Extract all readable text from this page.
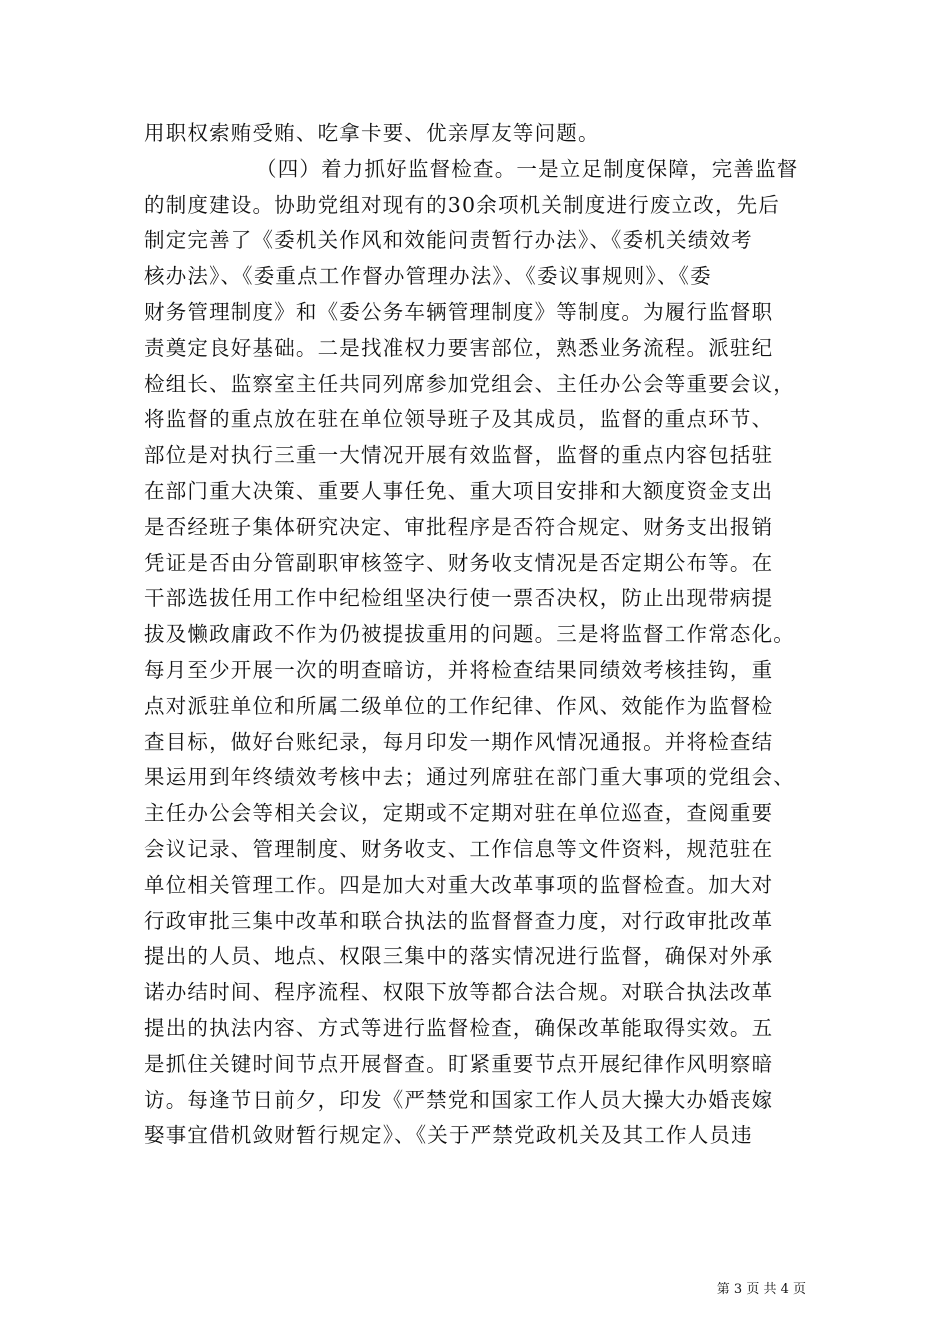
用职权索贿受贿、吃拿卡要、优亲厚友等问题。
（四）着力抓好监督检查。一是立足制度保障，完善监督
的制度建设。协助党组对现有的30余项机关制度进行废立改，先后
制定完善了《委机关作风和效能问责暂行办法》、《委机关绩效考
核办法》、《委重点工作督办管理办法》、《委议事规则》、《委
财务管理制度》和《委公务车辆管理制度》等制度。为履行监督职
责奠定良好基础。二是找准权力要害部位，熟悉业务流程。派驻纪
检组长、监察室主任共同列席参加党组会、主任办公会等重要会议，
将监督的重点放在驻在单位领导班子及其成员，监督的重点环节、
部位是对执行三重一大情况开展有效监督，监督的重点内容包括驻
在部门重大决策、重要人事任免、重大项目安排和大额度资金支出
是否经班子集体研究决定、审批程序是否符合规定、财务支出报销
凭证是否由分管副职审核签字、财务收支情况是否定期公布等。在
干部选拔任用工作中纪检组坚决行使一票否决权，防止出现带病提
拔及懒政庸政不作为仍被提拔重用的问题。三是将监督工作常态化。
每月至少开展一次的明查暗访，并将检查结果同绩效考核挂钩，重
点对派驻单位和所属二级单位的工作纪律、作风、效能作为监督检
查目标，做好台账纪录，每月印发一期作风情况通报。并将检查结
果运用到年终绩效考核中去；通过列席驻在部门重大事项的党组会、
主任办公会等相关会议，定期或不定期对驻在单位巡查，查阅重要
会议记录、管理制度、财务收支、工作信息等文件资料，规范驻在
单位相关管理工作。四是加大对重大改革事项的监督检查。加大对
行政审批三集中改革和联合执法的监督督查力度，对行政审批改革
提出的人员、地点、权限三集中的落实情况进行监督，确保对外承
诺办结时间、程序流程、权限下放等都合法合规。对联合执法改革
提出的执法内容、方式等进行监督检查，确保改革能取得实效。五
是抓住关键时间节点开展督查。盯紧重要节点开展纪律作风明察暗
访。每逢节日前夕，印发《严禁党和国家工作人员大操大办婚丧嫁
娶事宜借机敛财暂行规定》、《关于严禁党政机关及其工作人员违
第 3 页 共 4 页
